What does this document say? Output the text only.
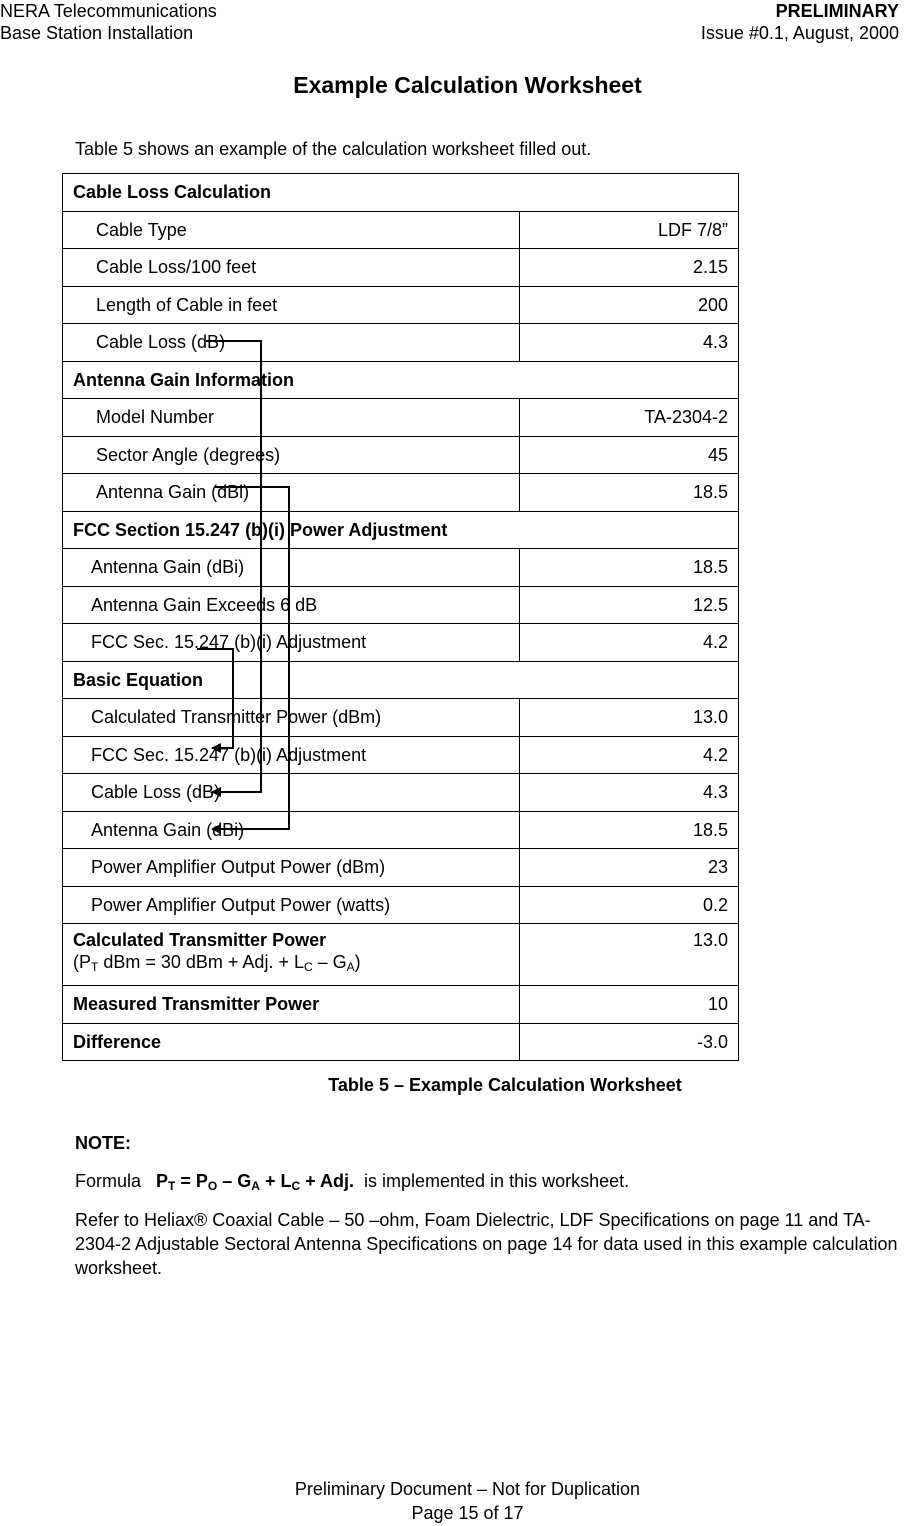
NERA Telecommunications
Base Station Installation
PRELIMINARY
Issue #0.1, August, 2000
Example Calculation Worksheet
Table 5 shows an example of the calculation worksheet filled out.
Cable Loss Calculation	
Cable Type	LDF 7/8”
Cable Loss/100 feet	2.15
Length of Cable in feet	200
Cable Loss (dB)	4.3
Antenna Gain Information	
Model Number	TA-2304-2
Sector Angle (degrees)	45
Antenna Gain (dBi)	18.5
FCC Section 15.247 (b)(i) Power Adjustment	
Antenna Gain (dBi)	18.5
Antenna Gain Exceeds 6 dB	12.5
FCC Sec. 15.247 (b)(i) Adjustment	4.2
Basic Equation	
Calculated Transmitter Power (dBm)	13.0
FCC Sec. 15.247 (b)(i) Adjustment	4.2
Cable Loss (dB)	4.3
Antenna Gain (dBi)	18.5
Power Amplifier Output Power (dBm)	23
Power Amplifier Output Power (watts)	0.2
Calculated Transmitter Power
($P_T$ dBm = 30 dBm + Adj. + $L_C - G_A$)	13.0
Measured Transmitter Power	10
Difference	-3.0
Table 5 – Example Calculation Worksheet
NOTE:
Formula $P_T = P_O - G_A + L_C$ + Adj. is implemented in this worksheet.
Refer to Heliax® Coaxial Cable – 50 –ohm, Foam Dielectric, LDF Specifications on page 11 and TA-2304-2 Adjustable Sectoral Antenna Specifications on page 14 for data used in this example calculation worksheet.
Preliminary Document – Not for Duplication
Page 15 of 17
